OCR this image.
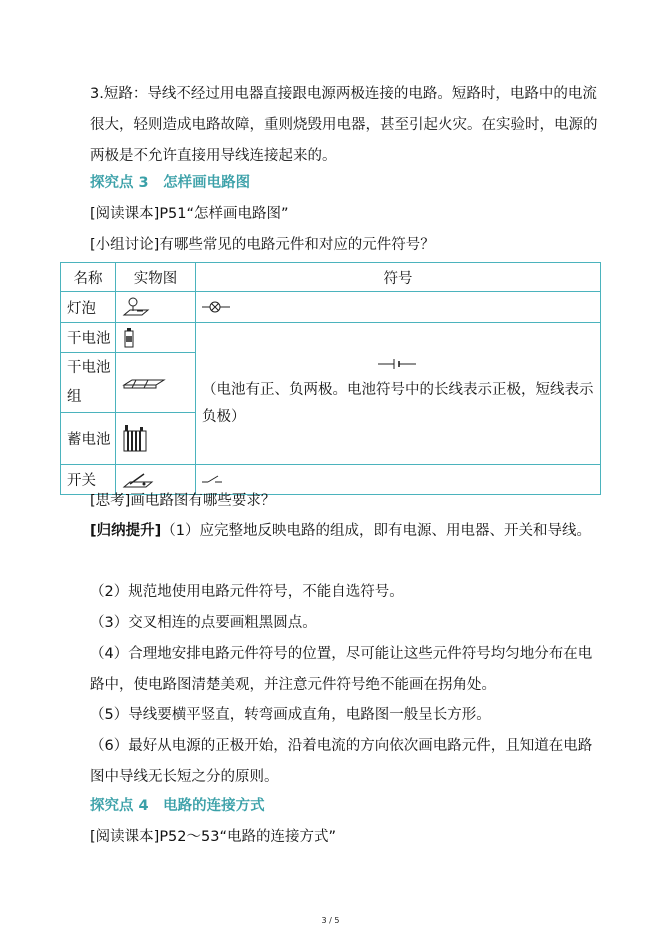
3.短路：导线不经过用电器直接跟电源两极连接的电路。短路时，电路中的电流很大，轻则造成电路故障，重则烧毁用电器，甚至引起火灾。在实验时，电源的两极是不允许直接用导线连接起来的。

探究点 3　怎样画电路图
[阅读课本]P51“怎样画电路图”
[小组讨论]有哪些常见的电路元件和对应的元件符号？
名称	实物图	符号
灯泡	

干电池		（电池有正、负两极。电池符号中的长线表示正极，短线表示负极）

干电池组	

蓄电池	

开关	

[思考]画电路图有哪些要求？

[归纳提升]（1）应完整地反映电路的组成，即有电源、用电器、开关和导线。

（2）规范地使用电路元件符号，不能自选符号。
（3）交叉相连的点要画粗黑圆点。

（4）合理地安排电路元件符号的位置，尽可能让这些元件符号均匀地分布在电路中，使电路图清楚美观，并注意元件符号绝不能画在拐角处。

（5）导线要横平竖直，转弯画成直角，电路图一般呈长方形。

（6）最好从电源的正极开始，沿着电流的方向依次画电路元件，且知道在电路图中导线无长短之分的原则。

探究点 4　电路的连接方式
[阅读课本]P52～53“电路的连接方式”
3 / 5
